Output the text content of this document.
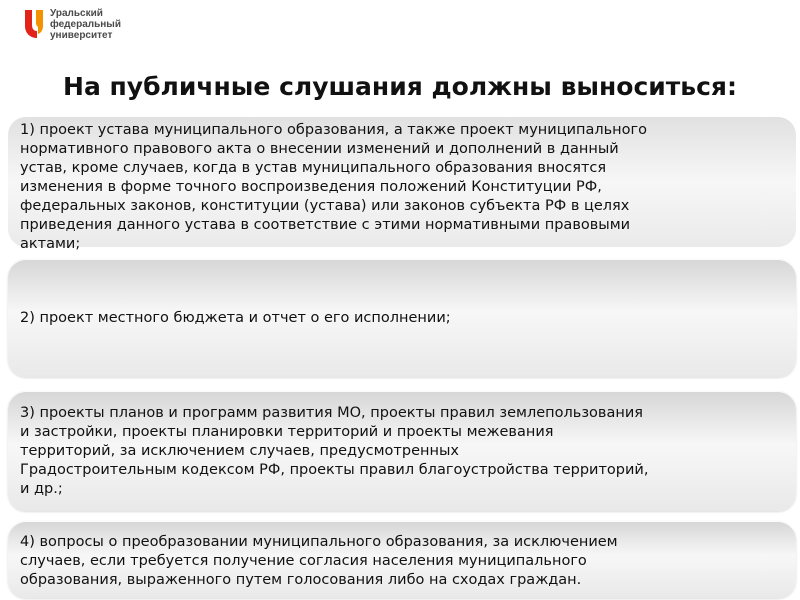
Уральский
федеральный
университет
На публичные слушания должны выноситься:
1) проект устава муниципального образования, а также проект муниципального
нормативного правового акта о внесении изменений и дополнений в данный
устав, кроме случаев, когда в устав муниципального образования вносятся
изменения в форме точного воспроизведения положений Конституции РФ,
федеральных законов, конституции (устава) или законов субъекта РФ в целях
приведения данного устава в соответствие с этими нормативными правовыми
актами;
2) проект местного бюджета и отчет о его исполнении;
3) проекты планов и программ развития МО, проекты правил землепользования
и застройки, проекты планировки территорий и проекты межевания
территорий, за исключением случаев, предусмотренных
Градостроительным кодексом РФ, проекты правил благоустройства территорий,
и др.;
4) вопросы о преобразовании муниципального образования, за исключением
случаев, если требуется получение согласия населения муниципального
образования, выраженного путем голосования либо на сходах граждан.
